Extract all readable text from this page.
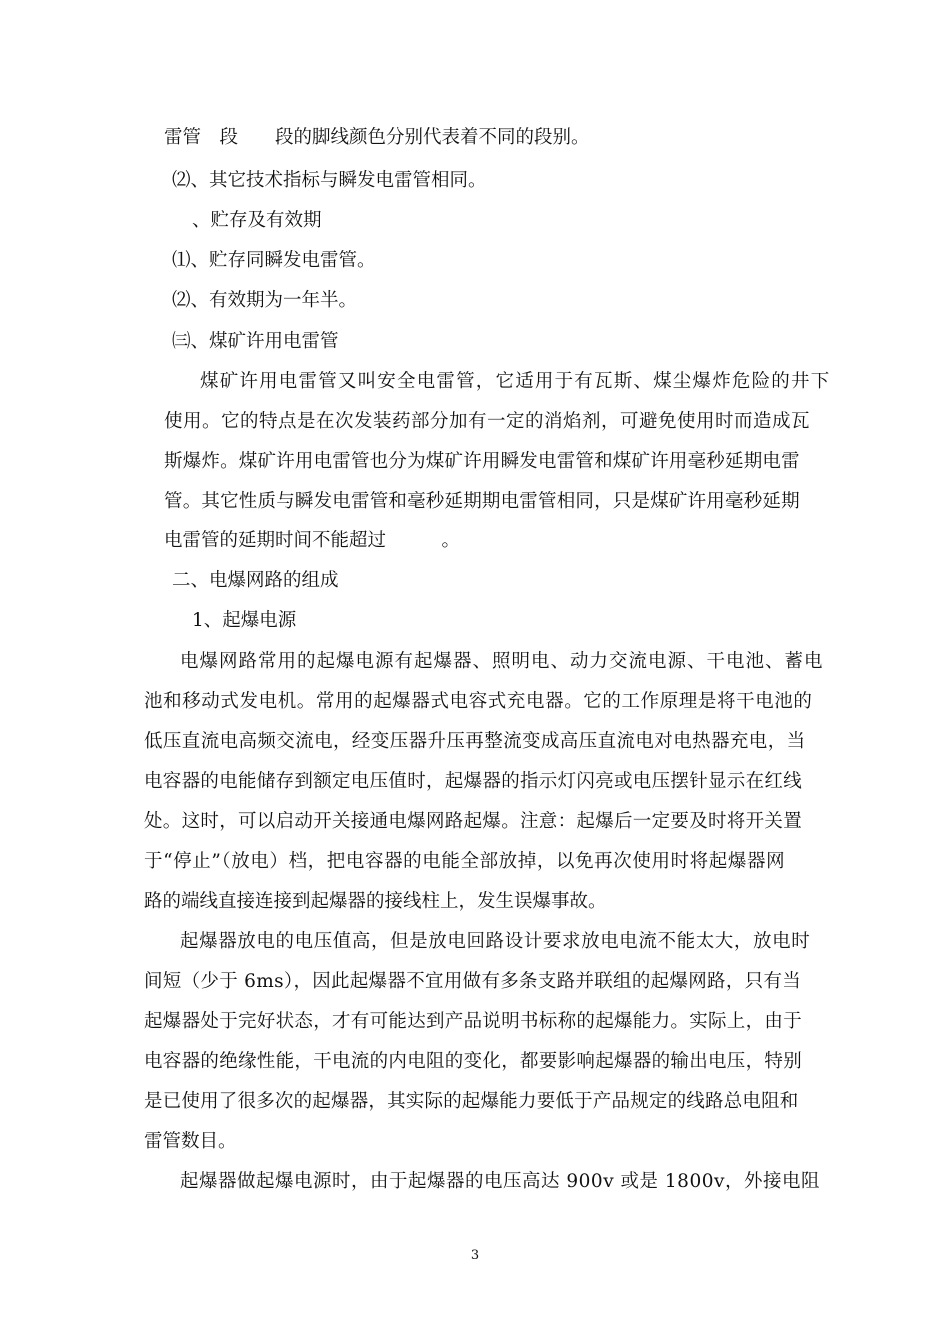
雷管　段　　段的脚线颜色分别代表着不同的段别。
⑵、其它技术指标与瞬发电雷管相同。
、贮存及有效期
⑴、贮存同瞬发电雷管。
⑵、有效期为一年半。
㈢、煤矿许用电雷管
煤矿许用电雷管又叫安全电雷管，它适用于有瓦斯、煤尘爆炸危险的井下
使用。它的特点是在次发装药部分加有一定的消焰剂，可避免使用时而造成瓦
斯爆炸。煤矿许用电雷管也分为煤矿许用瞬发电雷管和煤矿许用毫秒延期电雷
管。其它性质与瞬发电雷管和毫秒延期期电雷管相同，只是煤矿许用毫秒延期
电雷管的延期时间不能超过　　　。
二、电爆网路的组成
1、起爆电源
电爆网路常用的起爆电源有起爆器、照明电、动力交流电源、干电池、蓄电
池和移动式发电机。常用的起爆器式电容式充电器。它的工作原理是将干电池的
低压直流电高频交流电，经变压器升压再整流变成高压直流电对电热器充电，当
电容器的电能储存到额定电压值时，起爆器的指示灯闪亮或电压摆针显示在红线
处。这时，可以启动开关接通电爆网路起爆。注意：起爆后一定要及时将开关置
于“停止”（放电）档，把电容器的电能全部放掉，以免再次使用时将起爆器网
路的端线直接连接到起爆器的接线柱上，发生误爆事故。
起爆器放电的电压值高，但是放电回路设计要求放电电流不能太大，放电时
间短（少于 6ms），因此起爆器不宜用做有多条支路并联组的起爆网路，只有当
起爆器处于完好状态，才有可能达到产品说明书标称的起爆能力。实际上，由于
电容器的绝缘性能，干电流的内电阻的变化，都要影响起爆器的输出电压，特别
是已使用了很多次的起爆器，其实际的起爆能力要低于产品规定的线路总电阻和
雷管数目。
起爆器做起爆电源时，由于起爆器的电压高达 900v 或是 1800v，外接电阻
3
